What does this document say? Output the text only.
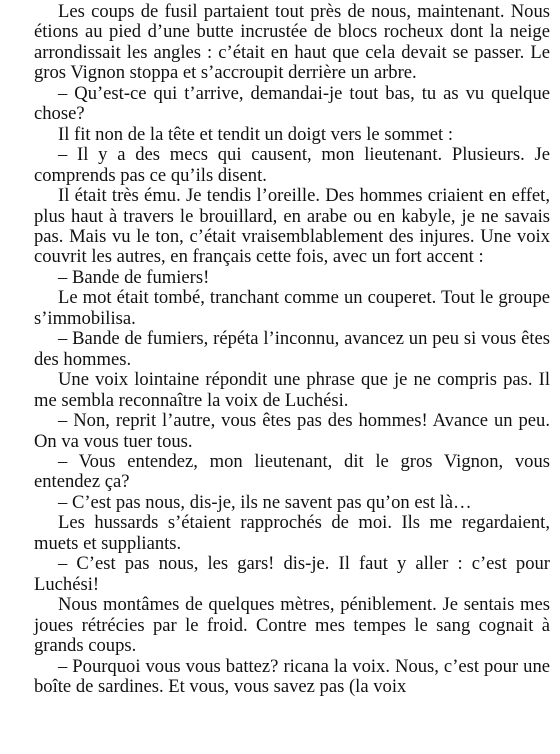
Les coups de fusil partaient tout près de nous, maintenant. Nous étions au pied d’une butte incrustée de blocs rocheux dont la neige arrondissait les angles : c’était en haut que cela devait se passer. Le gros Vignon stoppa et s’accroupit derrière un arbre.

– Qu’est-ce qui t’arrive, demandai-je tout bas, tu as vu quelque chose?

Il fit non de la tête et tendit un doigt vers le sommet :

– Il y a des mecs qui causent, mon lieutenant. Plusieurs. Je comprends pas ce qu’ils disent.

Il était très ému. Je tendis l’oreille. Des hommes criaient en effet, plus haut à travers le brouillard, en arabe ou en kabyle, je ne savais pas. Mais vu le ton, c’était vraisemblablement des injures. Une voix couvrit les autres, en français cette fois, avec un fort accent :

– Bande de fumiers!

Le mot était tombé, tranchant comme un couperet. Tout le groupe s’immobilisa.

– Bande de fumiers, répéta l’inconnu, avancez un peu si vous êtes des hommes.

Une voix lointaine répondit une phrase que je ne compris pas. Il me sembla reconnaître la voix de Luchési.

– Non, reprit l’autre, vous êtes pas des hommes! Avance un peu. On va vous tuer tous.

– Vous entendez, mon lieutenant, dit le gros Vignon, vous entendez ça?

– C’est pas nous, dis-je, ils ne savent pas qu’on est là…

Les hussards s’étaient rapprochés de moi. Ils me regardaient, muets et suppliants.

– C’est pas nous, les gars! dis-je. Il faut y aller : c’est pour Luchési!

Nous montâmes de quelques mètres, péniblement. Je sentais mes joues rétrécies par le froid. Contre mes tempes le sang cognait à grands coups.

– Pourquoi vous vous battez? ricana la voix. Nous, c’est pour une boîte de sardines. Et vous, vous savez pas (la voix
